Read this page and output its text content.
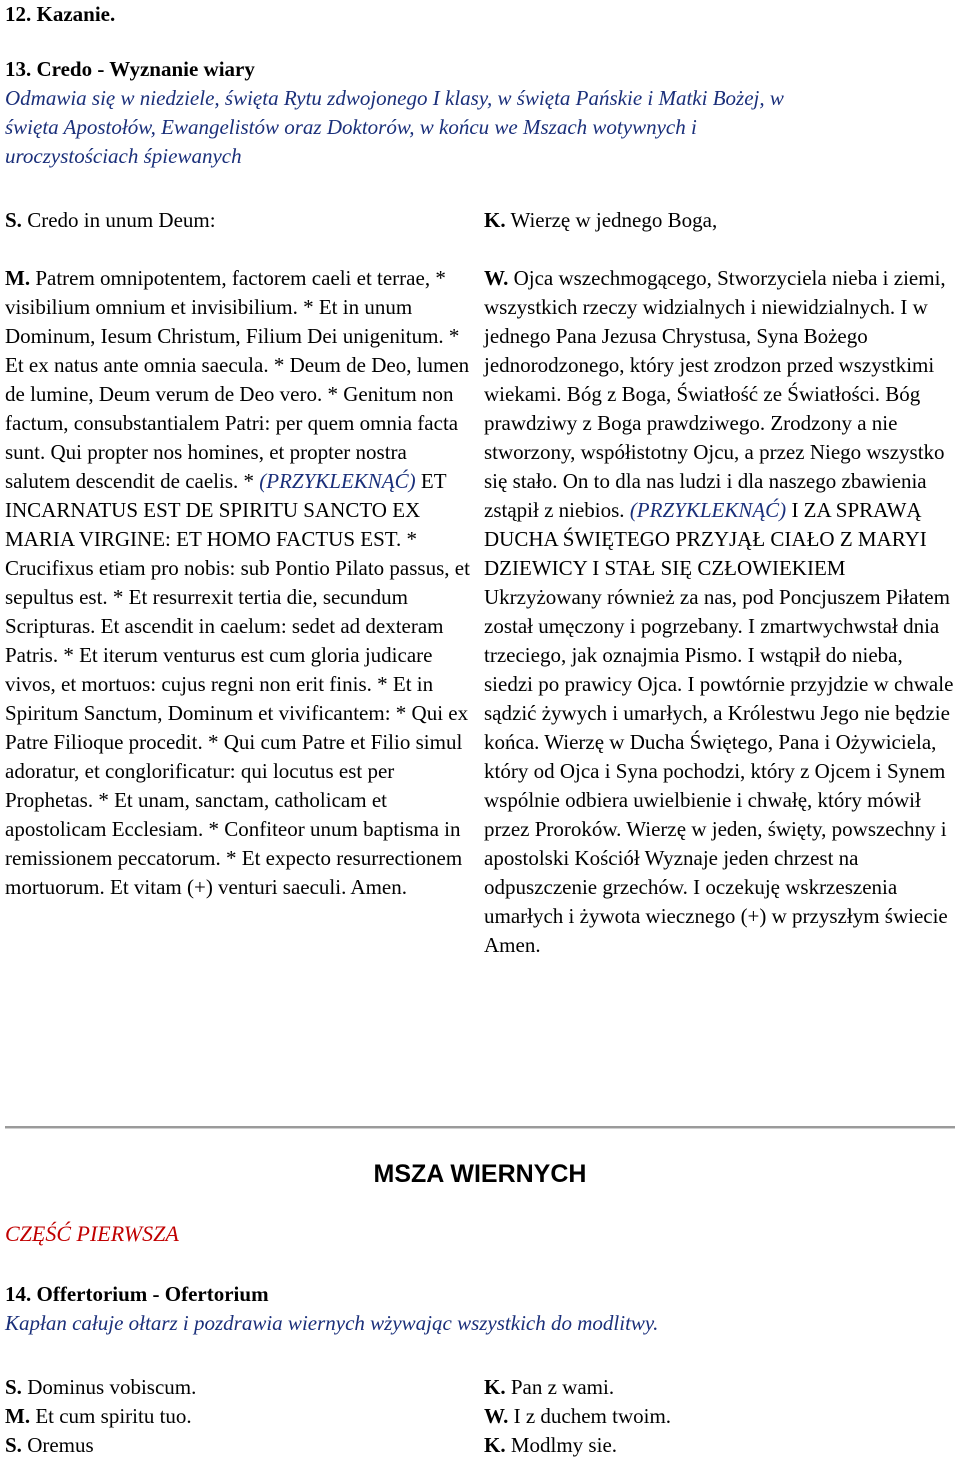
12. Kazanie.
13. Credo - Wyznanie wiary
Odmawia się w niedziele, święta Rytu zdwojonego I klasy, w święta Pańskie i Matki Bożej, w
święta Apostołów, Ewangelistów oraz Doktorów, w końcu we Mszach wotywnych i
uroczystościach śpiewanych
S. Credo in unum Deum:	K. Wierzę w jednego Boga,

M. Patrem omnipotentem, factorem caeli et terrae, * visibilium omnium et invisibilium. * Et in unum Dominum, Iesum Christum, Filium Dei unigenitum. * Et ex natus ante omnia saecula. * Deum de Deo, lumen de lumine, Deum verum de Deo vero. * Genitum non factum, consubstantialem Patri: per quem omnia facta sunt. Qui propter nos homines, et propter nostra salutem descendit de caelis. * (PRZYKLEKNĄĆ) ET INCARNATUS EST DE SPIRITU SANCTO EX MARIA VIRGINE: ET HOMO FACTUS EST. * Crucifixus etiam pro nobis: sub Pontio Pilato passus, et sepultus est. * Et resurrexit tertia die, secundum Scripturas. Et ascendit in caelum: sedet ad dexteram Patris. * Et iterum venturus est cum gloria judicare vivos, et mortuos: cujus regni non erit finis. * Et in Spiritum Sanctum, Dominum et vivificantem: * Qui ex Patre Filioque procedit. * Qui cum Patre et Filio simul adoratur, et conglorificatur: qui locutus est per Prophetas. * Et unam, sanctam, catholicam et apostolicam Ecclesiam. * Confiteor unum baptisma in remissionem peccatorum. * Et expecto resurrectionem mortuorum. Et vitam (+) venturi saeculi. Amen.

W. Ojca wszechmogącego, Stworzyciela nieba i ziemi, wszystkich rzeczy widzialnych i niewidzialnych. I w jednego Pana Jezusa Chrystusa, Syna Bożego jednorodzonego, który jest zrodzon przed wszystkimi wiekami. Bóg z Boga, Światłość ze Światłości. Bóg prawdziwy z Boga prawdziwego. Zrodzony a nie stworzony, współistotny Ojcu, a przez Niego wszystko się stało. On to dla nas ludzi i dla naszego zbawienia zstąpił z niebios. (PRZYKLEKNĄĆ) I ZA SPRAWĄ DUCHA ŚWIĘTEGO PRZYJĄŁ CIAŁO Z MARYI DZIEWICY I STAŁ SIĘ CZŁOWIEKIEM Ukrzyżowany również za nas, pod Poncjuszem Piłatem został umęczony i pogrzebany. I zmartwychwstał dnia trzeciego, jak oznajmia Pismo. I wstąpił do nieba, siedzi po prawicy Ojca. I powtórnie przyjdzie w chwale sądzić żywych i umarłych, a Królestwu Jego nie będzie końca. Wierzę w Ducha Świętego, Pana i Ożywiciela, który od Ojca i Syna pochodzi, który z Ojcem i Synem wspólnie odbiera uwielbienie i chwałę, który mówił przez Proroków. Wierzę w jeden, święty, powszechny i apostolski Kościół Wyznaje jeden chrzest na odpuszczenie grzechów. I oczekuję wskrzeszenia umarłych i żywota wiecznego (+) w przyszłym świecie Amen.

MSZA WIERNYCH
CZĘŚĆ PIERWSZA
14. Offertorium - Ofertorium
Kapłan całuje ołtarz i pozdrawia wiernych wżywając wszystkich do modlitwy.
S. Dominus vobiscum.	K. Pan z wami.
M. Et cum spiritu tuo.	W. I z duchem twoim.
S. Oremus	K. Modlmy sie.
